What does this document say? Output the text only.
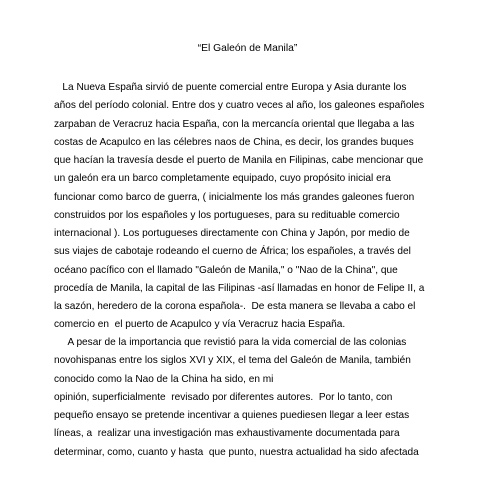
“El Galeón de Manila”
La Nueva España sirvió de puente comercial entre Europa y Asia durante los
años del período colonial. Entre dos y cuatro veces al año, los galeones españoles
zarpaban de Veracruz hacia España, con la mercancía oriental que llegaba a las
costas de Acapulco en las célebres naos de China, es decir, los grandes buques
que hacían la travesía desde el puerto de Manila en Filipinas, cabe mencionar que
un galeón era un barco completamente equipado, cuyo propósito inicial era
funcionar como barco de guerra, ( inicialmente los más grandes galeones fueron
construidos por los españoles y los portugueses, para su redituable comercio
internacional ). Los portugueses directamente con China y Japón, por medio de
sus viajes de cabotaje rodeando el cuerno de África; los españoles, a través del
océano pacífico con el llamado "Galeón de Manila," o "Nao de la China", que
procedía de Manila, la capital de las Filipinas -así llamadas en honor de Felipe II, a
la sazón, heredero de la corona española-.  De esta manera se llevaba a cabo el
comercio en  el puerto de Acapulco y vía Veracruz hacia España.
A pesar de la importancia que revistió para la vida comercial de las colonias
novohispanas entre los siglos XVI y XIX, el tema del Galeón de Manila, también
conocido como la Nao de la China ha sido, en mi
opinión, superficialmente  revisado por diferentes autores.  Por lo tanto, con
pequeño ensayo se pretende incentivar a quienes puediesen llegar a leer estas
líneas, a  realizar una investigación mas exhaustivamente documentada para
determinar, como, cuanto y hasta  que punto, nuestra actualidad ha sido afectada
